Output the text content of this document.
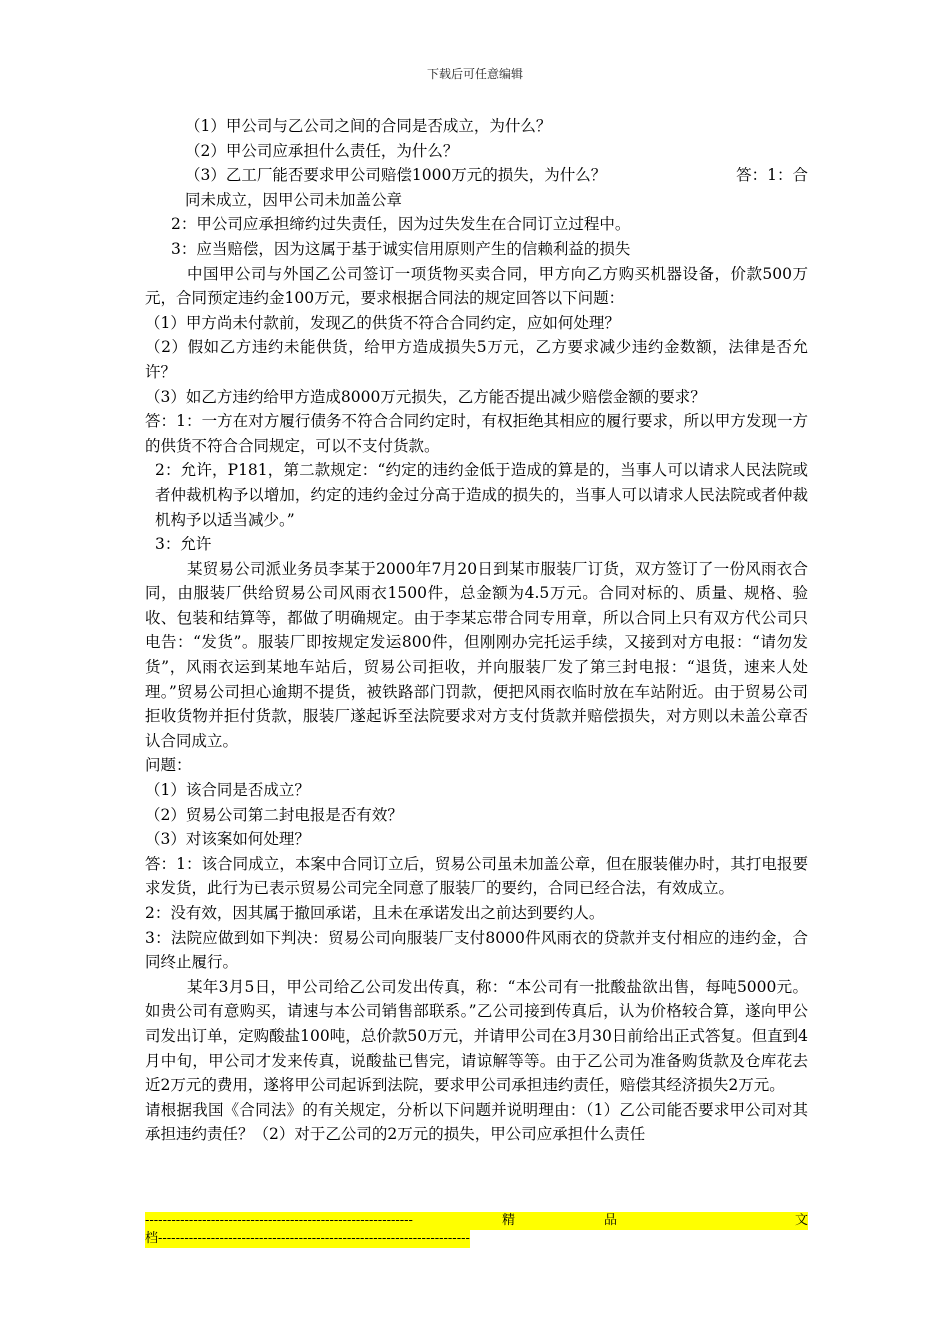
下载后可任意编辑

（1）甲公司与乙公司之间的合同是否成立，为什么？

（2）甲公司应承担什么责任，为什么？

（3）乙工厂能否要求甲公司赔偿1000万元的损失，为什么？	答：1：合

同未成立，因甲公司未加盖公章

2：甲公司应承担缔约过失责任，因为过失发生在合同订立过程中。

3：应当赔偿，因为这属于基于诚实信用原则产生的信赖利益的损失

中国甲公司与外国乙公司签订一项货物买卖合同，甲方向乙方购买机器设备，价款500万元，合同预定违约金100万元，要求根据合同法的规定回答以下问题：

（1）甲方尚未付款前，发现乙的供货不符合合同约定，应如何处理？

（2）假如乙方违约未能供货，给甲方造成损失5万元，乙方要求减少违约金数额，法律是否允许？

（3）如乙方违约给甲方造成8000万元损失，乙方能否提出减少赔偿金额的要求？

答：1：一方在对方履行债务不符合合同约定时，有权拒绝其相应的履行要求，所以甲方发现一方的供货不符合合同规定，可以不支付货款。

2：允许，P181，第二款规定：“约定的违约金低于造成的算是的，当事人可以请求人民法院或者仲裁机构予以增加，约定的违约金过分高于造成的损失的，当事人可以请求人民法院或者仲裁机构予以适当减少。”

3：允许

某贸易公司派业务员李某于2000年7月20日到某市服装厂订货，双方签订了一份风雨衣合同，由服装厂供给贸易公司风雨衣1500件，总金额为4.5万元。合同对标的、质量、规格、验收、包装和结算等，都做了明确规定。由于李某忘带合同专用章，所以合同上只有双方代公司只电告：“发货”。服装厂即按规定发运800件，但刚刚办完托运手续，又接到对方电报：“请勿发货”，风雨衣运到某地车站后，贸易公司拒收，并向服装厂发了第三封电报：“退货，速来人处理。”贸易公司担心逾期不提货，被铁路部门罚款，便把风雨衣临时放在车站附近。由于贸易公司拒收货物并拒付货款，服装厂遂起诉至法院要求对方支付货款并赔偿损失，对方则以未盖公章否认合同成立。

问题：

（1）该合同是否成立？

（2）贸易公司第二封电报是否有效？

（3）对该案如何处理？

答：1：该合同成立，本案中合同订立后，贸易公司虽未加盖公章，但在服装催办时，其打电报要求发货，此行为已表示贸易公司完全同意了服装厂的要约，合同已经合法，有效成立。

2：没有效，因其属于撤回承诺，且未在承诺发出之前达到要约人。

3：法院应做到如下判决：贸易公司向服装厂支付8000件风雨衣的贷款并支付相应的违约金，合同终止履行。

某年3月5日，甲公司给乙公司发出传真，称：“本公司有一批酸盐欲出售，每吨5000元。如贵公司有意购买，请速与本公司销售部联系。”乙公司接到传真后，认为价格较合算，遂向甲公司发出订单，定购酸盐100吨，总价款50万元，并请甲公司在3月30日前给出正式答复。但直到4月中旬，甲公司才发来传真，说酸盐已售完，请谅解等等。由于乙公司为准备购货款及仓库花去近2万元的费用，遂将甲公司起诉到法院，要求甲公司承担违约责任，赔偿其经济损失2万元。

请根据我国《合同法》的有关规定，分析以下问题并说明理由：（1）乙公司能否要求甲公司对其承担违约责任？（2）对于乙公司的2万元的损失，甲公司应承担什么责任

-------------------------------------------------------------	精	品	文
档-----------------------------------------------------------------------
